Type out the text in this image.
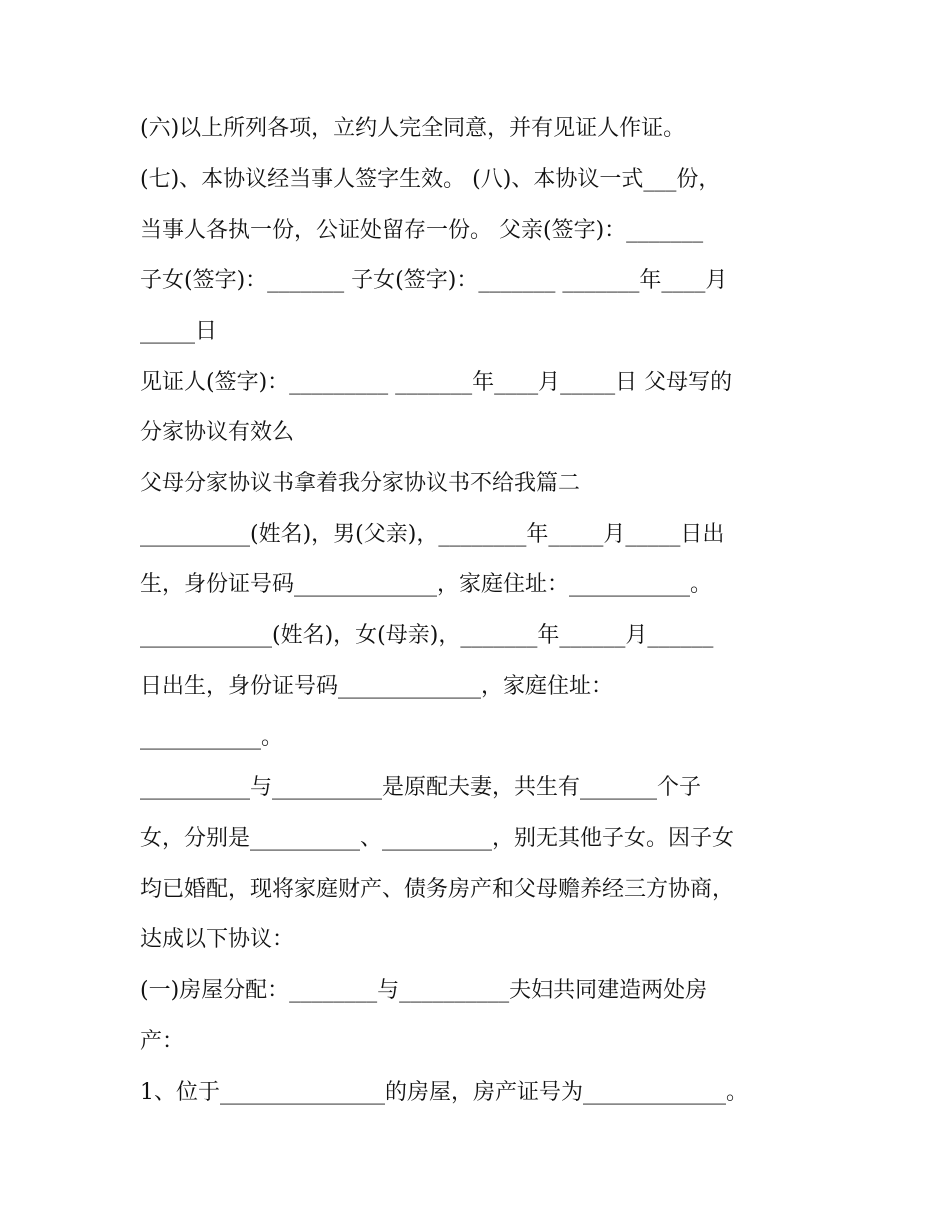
(六)以上所列各项，立约人完全同意，并有见证人作证。

(七)、本协议经当事人签字生效。 (八)、本协议一式___份，

当事人各执一份，公证处留存一份。 父亲(签字)：_______

子女(签字)：_______ 子女(签字)：_______ _______年____月

_____日

见证人(签字)：_________ _______年____月_____日 父母写的

分家协议有效么

父母分家协议书拿着我分家协议书不给我篇二

__________(姓名)，男(父亲)，________年_____月_____日出

生，身份证号码_____________，家庭住址：___________。

____________(姓名)，女(母亲)，_______年______月______

日出生，身份证号码_____________，家庭住址：

___________。

__________与__________是原配夫妻，共生有_______个子

女，分别是__________、__________，别无其他子女。因子女

均已婚配，现将家庭财产、债务房产和父母赡养经三方协商，

达成以下协议：

(一)房屋分配：________与__________夫妇共同建造两处房

产：

1、位于_______________的房屋，房产证号为_____________。
